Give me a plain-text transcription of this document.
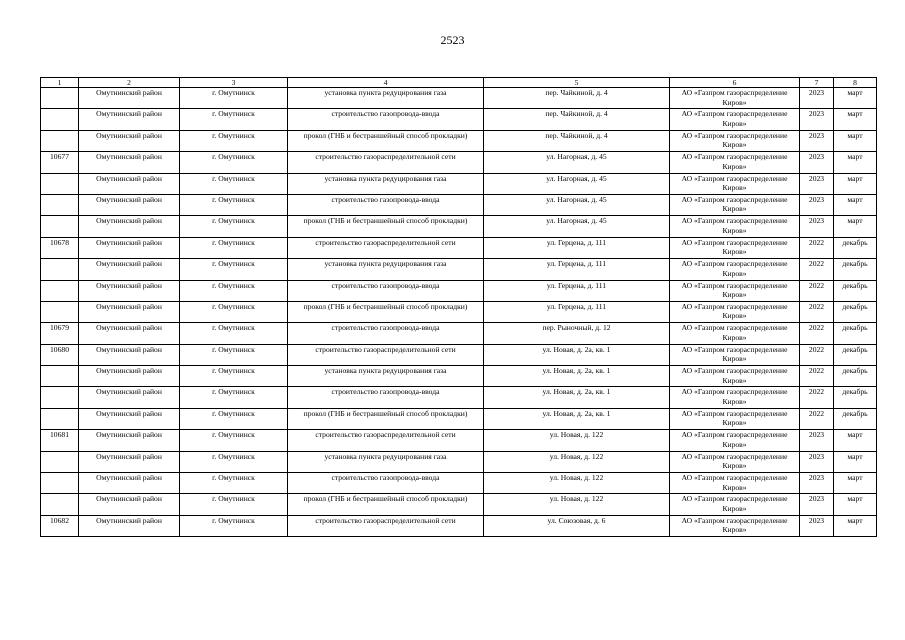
2523
1	2	3	4	5	6	7	8
	Омутнинский район	г. Омутнинск	установка пункта редуцирования газа	пер. Чайкиной, д. 4	АО «Газпром газораспределение Киров»	2023	март
	Омутнинский район	г. Омутнинск	строительство газопровода-ввода	пер. Чайкиной, д. 4	АО «Газпром газораспределение Киров»	2023	март
	Омутнинский район	г. Омутнинск	прокол (ГНБ и бестраншейный способ прокладки)	пер. Чайкиной, д. 4	АО «Газпром газораспределение Киров»	2023	март
10677	Омутнинский район	г. Омутнинск	строительство газораспределительной сети	ул. Нагорная, д. 45	АО «Газпром газораспределение Киров»	2023	март
	Омутнинский район	г. Омутнинск	установка пункта редуцирования газа	ул. Нагорная, д. 45	АО «Газпром газораспределение Киров»	2023	март
	Омутнинский район	г. Омутнинск	строительство газопровода-ввода	ул. Нагорная, д. 45	АО «Газпром газораспределение Киров»	2023	март
	Омутнинский район	г. Омутнинск	прокол (ГНБ и бестраншейный способ прокладки)	ул. Нагорная, д. 45	АО «Газпром газораспределение Киров»	2023	март
10678	Омутнинский район	г. Омутнинск	строительство газораспределительной сети	ул. Герцена, д. 111	АО «Газпром газораспределение Киров»	2022	декабрь
	Омутнинский район	г. Омутнинск	установка пункта редуцирования газа	ул. Герцена, д. 111	АО «Газпром газораспределение Киров»	2022	декабрь
	Омутнинский район	г. Омутнинск	строительство газопровода-ввода	ул. Герцена, д. 111	АО «Газпром газораспределение Киров»	2022	декабрь
	Омутнинский район	г. Омутнинск	прокол (ГНБ и бестраншейный способ прокладки)	ул. Герцена, д. 111	АО «Газпром газораспределение Киров»	2022	декабрь
10679	Омутнинский район	г. Омутнинск	строительство газопровода-ввода	пер. Рыночный, д. 12	АО «Газпром газораспределение Киров»	2022	декабрь
10680	Омутнинский район	г. Омутнинск	строительство газораспределительной сети	ул. Новая, д. 2а, кв. 1	АО «Газпром газораспределение Киров»	2022	декабрь
	Омутнинский район	г. Омутнинск	установка пункта редуцирования газа	ул. Новая, д. 2а, кв. 1	АО «Газпром газораспределение Киров»	2022	декабрь
	Омутнинский район	г. Омутнинск	строительство газопровода-ввода	ул. Новая, д. 2а, кв. 1	АО «Газпром газораспределение Киров»	2022	декабрь
	Омутнинский район	г. Омутнинск	прокол (ГНБ и бестраншейный способ прокладки)	ул. Новая, д. 2а, кв. 1	АО «Газпром газораспределение Киров»	2022	декабрь
10681	Омутнинский район	г. Омутнинск	строительство газораспределительной сети	ул. Новая, д. 122	АО «Газпром газораспределение Киров»	2023	март
	Омутнинский район	г. Омутнинск	установка пункта редуцирования газа	ул. Новая, д. 122	АО «Газпром газораспределение Киров»	2023	март
	Омутнинский район	г. Омутнинск	строительство газопровода-ввода	ул. Новая, д. 122	АО «Газпром газораспределение Киров»	2023	март
	Омутнинский район	г. Омутнинск	прокол (ГНБ и бестраншейный способ прокладки)	ул. Новая, д. 122	АО «Газпром газораспределение Киров»	2023	март
10682	Омутнинский район	г. Омутнинск	строительство газораспределительной сети	ул. Союзовая, д. 6	АО «Газпром газораспределение Киров»	2023	март
